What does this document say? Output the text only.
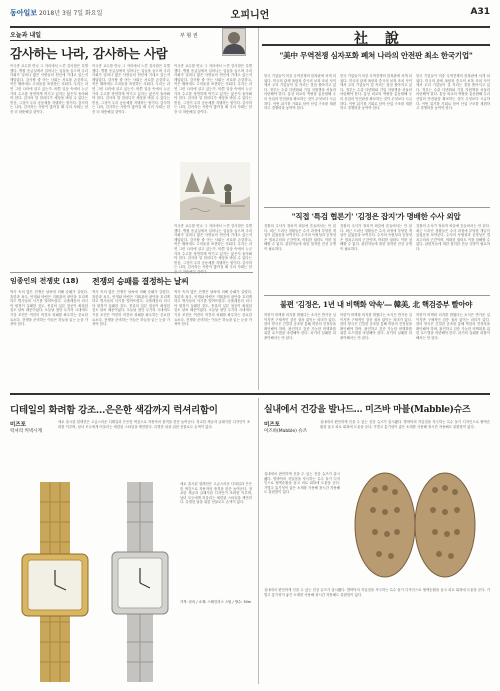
동아일보 2018년 3월 7일 화요일	오피니언	A31
오늘과 내일	부 형 권
감사하는 나라, 감사하는 사람
이국종 교수를 만나 그 자리에서 느낀 감사함은 특별했다. 병원 응급실에서 일어나는 일들을 들으며 우리 사회가 얼마나 많은 사람들의 헌신에 기대고 있는지 깨달았다. 감사할 줄 아는 사회는 서로를 존중하고, 작은 배려에도 고마움을 표현하는 사회다. 우리는 과연 그런 나라에 살고 있는가. 바쁜 일상 속에서 누군가의 수고를 당연하게 여기고 있지는 않은지 돌아봐야 한다. 감사의 말 한마디가 세상을 바꿀 수 있다는 믿음, 그것이 우리 공동체를 지탱하는 힘이다. 감사하는 나라, 감사하는 사람이 많아질 때 우리 사회는 한층 더 따뜻해질 것이다.
이국종 교수를 만나 그 자리에서 느낀 감사함은 특별했다. 병원 응급실에서 일어나는 일들을 들으며 우리 사회가 얼마나 많은 사람들의 헌신에 기대고 있는지 깨달았다. 감사할 줄 아는 사회는 서로를 존중하고, 작은 배려에도 고마움을 표현하는 사회다. 우리는 과연 그런 나라에 살고 있는가. 바쁜 일상 속에서 누군가의 수고를 당연하게 여기고 있지는 않은지 돌아봐야 한다. 감사의 말 한마디가 세상을 바꿀 수 있다는 믿음, 그것이 우리 공동체를 지탱하는 힘이다. 감사하는 나라, 감사하는 사람이 많아질 때 우리 사회는 한층 더 따뜻해질 것이다.
이국종 교수를 만나 그 자리에서 느낀 감사함은 특별했다. 병원 응급실에서 일어나는 일들을 들으며 우리 사회가 얼마나 많은 사람들의 헌신에 기대고 있는지 깨달았다. 감사할 줄 아는 사회는 서로를 존중하고, 작은 배려에도 고마움을 표현하는 사회다. 우리는 과연 그런 나라에 살고 있는가. 바쁜 일상 속에서 누군가의 수고를 당연하게 여기고 있지는 않은지 돌아봐야 한다. 감사의 말 한마디가 세상을 바꿀 수 있다는 믿음, 그것이 우리 공동체를 지탱하는 힘이다. 감사하는 나라, 감사하는 사람이 많아질 때 우리 사회는 한층 더 따뜻해질 것이다.
이국종 교수를 만나 그 자리에서 느낀 감사함은 특별했다. 병원 응급실에서 일어나는 일들을 들으며 우리 사회가 얼마나 많은 사람들의 헌신에 기대고 있는지 깨달았다. 감사할 줄 아는 사회는 서로를 존중하고, 작은 배려에도 고마움을 표현하는 사회다. 우리는 과연 그런 나라에 살고 있는가. 바쁜 일상 속에서 누군가의 수고를 당연하게 여기고 있지는 않은지 돌아봐야 한다. 감사의 말 한마디가 세상을 바꿀 수 있다는 믿음, 그것이 우리 공동체를 지탱하는 힘이다. 감사하는 나라, 감사하는 사람이 많아질 때 우리 사회는 한층 더 따뜻해질 것이다.
임종인의 전쟁史 (18) 전쟁의 승패를 결정하는 날씨
역사 속의 많은 전쟁은 날씨에 의해 승패가 갈렸다. 혹한과 폭우, 안개와 바람은 지휘관의 판단을 흐리게 하고 병사들의 사기를 떨어뜨렸다. 나폴레옹의 러시아 원정이 실패한 것도, 몽골의 일본 침공이 좌절된 것도 날씨 때문이었다. 오늘날 첨단 무기의 시대에도 기상 조건은 여전히 작전의 성패를 좌우하는 중요한 요소다. 전쟁을 준비하는 이들은 하늘을 읽는 눈을 가져야 한다.
역사 속의 많은 전쟁은 날씨에 의해 승패가 갈렸다. 혹한과 폭우, 안개와 바람은 지휘관의 판단을 흐리게 하고 병사들의 사기를 떨어뜨렸다. 나폴레옹의 러시아 원정이 실패한 것도, 몽골의 일본 침공이 좌절된 것도 날씨 때문이었다. 오늘날 첨단 무기의 시대에도 기상 조건은 여전히 작전의 성패를 좌우하는 중요한 요소다. 전쟁을 준비하는 이들은 하늘을 읽는 눈을 가져야 한다.
역사 속의 많은 전쟁은 날씨에 의해 승패가 갈렸다. 혹한과 폭우, 안개와 바람은 지휘관의 판단을 흐리게 하고 병사들의 사기를 떨어뜨렸다. 나폴레옹의 러시아 원정이 실패한 것도, 몽골의 일본 침공이 좌절된 것도 날씨 때문이었다. 오늘날 첨단 무기의 시대에도 기상 조건은 여전히 작전의 성패를 좌우하는 중요한 요소다. 전쟁을 준비하는 이들은 하늘을 읽는 눈을 가져야 한다.
社 說
"美中 무역전쟁 심자포화 폐쳐 나라의 안전판 최소 한국기업"
한국 기업들이 미중 무역전쟁의 한복판에 서게 되었다. 미국의 관세 폭탄과 중국의 보복 조치 사이에서 우리 기업들이 설 자리는 점점 좁아지고 있다. 정부는 수출 다변화와 기업 지원책을 서둘러 마련해야 한다. 통상 외교의 역량을 총동원해 우리 산업의 안전판을 확보하는 것이 무엇보다 시급하다. 이번 위기를 기회로 삼아 산업 구조를 재편하고 경쟁력을 높여야 한다.
한국 기업들이 미중 무역전쟁의 한복판에 서게 되었다. 미국의 관세 폭탄과 중국의 보복 조치 사이에서 우리 기업들이 설 자리는 점점 좁아지고 있다. 정부는 수출 다변화와 기업 지원책을 서둘러 마련해야 한다. 통상 외교의 역량을 총동원해 우리 산업의 안전판을 확보하는 것이 무엇보다 시급하다. 이번 위기를 기회로 삼아 산업 구조를 재편하고 경쟁력을 높여야 한다.
한국 기업들이 미중 무역전쟁의 한복판에 서게 되었다. 미국의 관세 폭탄과 중국의 보복 조치 사이에서 우리 기업들이 설 자리는 점점 좁아지고 있다. 정부는 수출 다변화와 기업 지원책을 서둘러 마련해야 한다. 통상 외교의 역량을 총동원해 우리 산업의 안전판을 확보하는 것이 무엇보다 시급하다. 이번 위기를 기회로 삼아 산업 구조를 재편하고 경쟁력을 높여야 한다.
"직접 '특검 협론기' '김정은 잡지'가 명배한 수사 외압
검찰의 수사가 정치적 외압에 흔들려서는 안 된다. 최근 드러난 정황들은 수사 과정에 부당한 개입이 있었음을 보여준다. 수사의 독립성과 공정성은 법치주의의 근간이며, 어떠한 권력도 이를 침해할 수 없다. 관련자들에 대한 철저한 진상 규명이 필요하다.
검찰의 수사가 정치적 외압에 흔들려서는 안 된다. 최근 드러난 정황들은 수사 과정에 부당한 개입이 있었음을 보여준다. 수사의 독립성과 공정성은 법치주의의 근간이며, 어떠한 권력도 이를 침해할 수 없다. 관련자들에 대한 철저한 진상 규명이 필요하다.
검찰의 수사가 정치적 외압에 흔들려서는 안 된다. 최근 드러난 정황들은 수사 과정에 부당한 개입이 있었음을 보여준다. 수사의 독립성과 공정성은 법치주의의 근간이며, 어떠한 권력도 이를 침해할 수 없다. 관련자들에 대한 철저한 진상 규명이 필요하다.
불편 '김정은, 1년 내 비핵화 약속'― 韓美, 北 핵검증부 빨아야
북한이 비핵화 의지를 밝혔다는 소식은 반가운 일이지만 구체적인 검증 절차 없이는 의미가 없다. 한미 양국은 긴밀한 공조를 통해 북한의 진정성을 확인해야 하며, 완전하고 검증 가능한 비핵화를 위한 로드맵을 마련해야 한다. 과거의 실패를 되풀이해서는 안 된다.
북한이 비핵화 의지를 밝혔다는 소식은 반가운 일이지만 구체적인 검증 절차 없이는 의미가 없다. 한미 양국은 긴밀한 공조를 통해 북한의 진정성을 확인해야 하며, 완전하고 검증 가능한 비핵화를 위한 로드맵을 마련해야 한다. 과거의 실패를 되풀이해서는 안 된다.
북한이 비핵화 의지를 밝혔다는 소식은 반가운 일이지만 구체적인 검증 절차 없이는 의미가 없다. 한미 양국은 긴밀한 공조를 통해 북한의 진정성을 확인해야 하며, 완전하고 검증 가능한 비핵화를 위한 로드맵을 마련해야 한다. 과거의 실패를 되풀이해서는 안 된다.
디테일의 화려함 강조…은은한 색감까지 럭셔리함이
미즈포
럭셔리 커넥시계
새로 출시된 컬렉션은 고급스러운 디테일과 은은한 색감으로 착용자의 품격을 한층 높여준다. 정교한 세공과 클래식한 디자인이 조화를 이루며, 남녀 모두에게 어울리는 세련된 스타일을 제안한다. 특별한 날을 위한 선물로도 손색이 없다.
새로 출시된 컬렉션은 고급스러운 디테일과 은은한 색감으로 착용자의 품격을 한층 높여준다. 정교한 세공과 클래식한 디자인이 조화를 이루며, 남녀 모두에게 어울리는 세련된 스타일을 제안한다. 특별한 날을 위한 선물로도 손색이 없다.
가격: 문의 / 소재: 스테인리스 스틸 / 방수: 50m
실내에서 건강을 발나드… 미즈바 마블(Mabble)슈즈
미즈포
미즈바(Mabble) 슈즈
실내에서 편안하게 신을 수 있는 건강 슈즈가 출시됐다. 발바닥의 지압점을 자극하는 특수 돌기 디자인으로 혈액순환을 돕고 피로 회복에 도움을 준다. 가볍고 통기성이 좋은 소재를 사용해 장시간 착용해도 불편함이 없다.
실내에서 편안하게 신을 수 있는 건강 슈즈가 출시됐다. 발바닥의 지압점을 자극하는 특수 돌기 디자인으로 혈액순환을 돕고 피로 회복에 도움을 준다. 가볍고 통기성이 좋은 소재를 사용해 장시간 착용해도 불편함이 없다.
실내에서 편안하게 신을 수 있는 건강 슈즈가 출시됐다. 발바닥의 지압점을 자극하는 특수 돌기 디자인으로 혈액순환을 돕고 피로 회복에 도움을 준다. 가볍고 통기성이 좋은 소재를 사용해 장시간 착용해도 불편함이 없다.
